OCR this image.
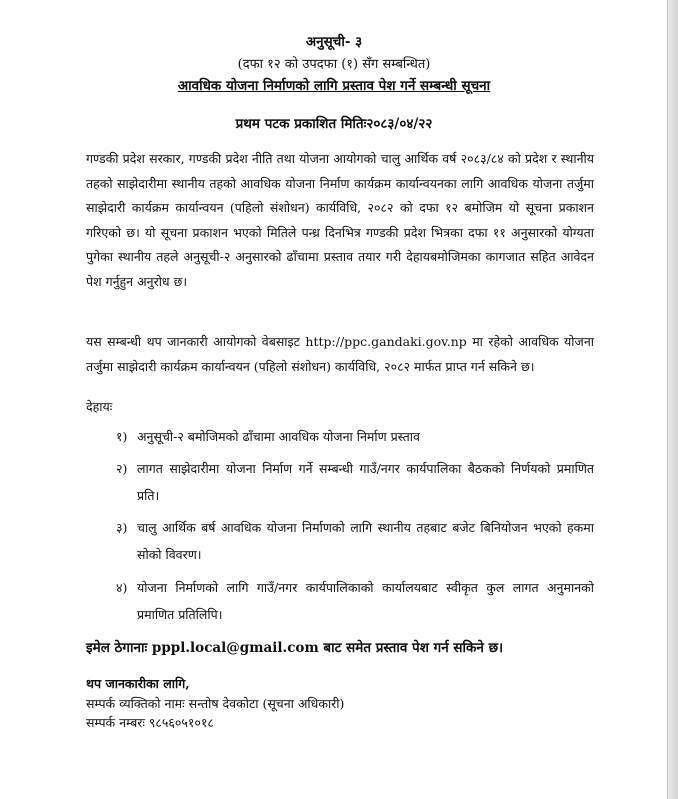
अनुसूची- ३
(दफा १२ को उपदफा (१) सँग सम्बन्धित)
आवधिक योजना निर्माणको लागि प्रस्ताव पेश गर्ने सम्बन्धी सूचना
प्रथम पटक प्रकाशित मितिः२०८३/०४/२२
गण्डकी प्रदेश सरकार, गण्डकी प्रदेश नीति तथा योजना आयोगको चालु आर्थिक वर्ष २०८३/८४ को प्रदेश र स्थानीय तहको साझेदारीमा स्थानीय तहको आवधिक योजना निर्माण कार्यक्रम कार्यान्वयनका लागि आवधिक योजना तर्जुमा साझेदारी कार्यक्रम कार्यान्वयन (पहिलो संशोधन) कार्यविधि, २०८२ को दफा १२ बमोजिम यो सूचना प्रकाशन गरिएको छ। यो सूचना प्रकाशन भएको मितिले पन्ध्र दिनभित्र गण्डकी प्रदेश भित्रका दफा ११ अनुसारको योग्यता पुगेका स्थानीय तहले अनुसूची-२ अनुसारको ढाँचामा प्रस्ताव तयार गरी देहायबमोजिमका कागजात सहित आवेदन पेश गर्नुहुन अनुरोध छ।
यस सम्बन्धी थप जानकारी आयोगको वेबसाइट http://ppc.gandaki.gov.np मा रहेको आवधिक योजना तर्जुमा साझेदारी कार्यक्रम कार्यान्वयन (पहिलो संशोधन) कार्यविधि, २०८२ मार्फत प्राप्त गर्न सकिने छ।
देहायः
१) अनुसूची-२ बमोजिमको ढाँचामा आवधिक योजना निर्माण प्रस्ताव
२) लागत साझेदारीमा योजना निर्माण गर्ने सम्बन्धी गाउँ/नगर कार्यपालिका बैठकको निर्णयको प्रमाणित प्रति।
३) चालु आर्थिक बर्ष आवधिक योजना निर्माणको लागि स्थानीय तहबाट बजेट बिनियोजन भएको हकमा सोको विवरण।
४) योजना निर्माणको लागि गाउँ/नगर कार्यपालिकाको कार्यालयबाट स्वीकृत कुल लागत अनुमानको प्रमाणित प्रतिलिपि।
इमेल ठेगानाः pppl.local@gmail.com बाट समेत प्रस्ताव पेश गर्न सकिने छ।
थप जानकारीका लागि,
सम्पर्क व्यक्तिको नामः सन्तोष देवकोटा (सूचना अधिकारी)
सम्पर्क नम्बरः ९८५६०५१०१८
